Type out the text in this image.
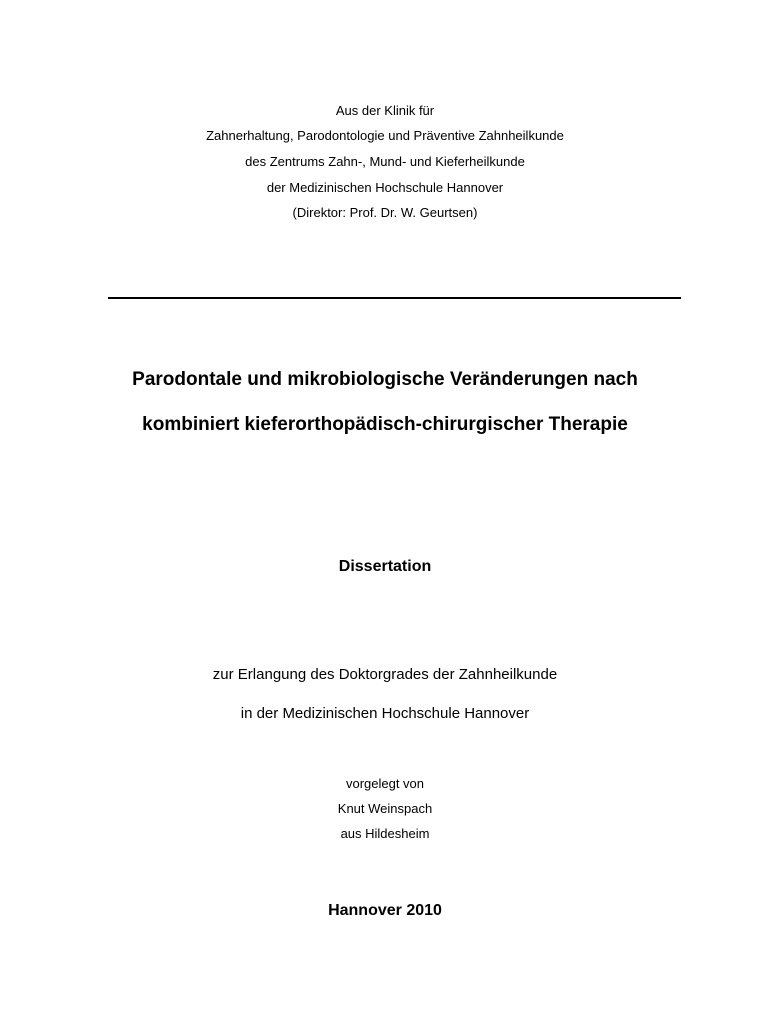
Aus der Klinik für
Zahnerhaltung, Parodontologie und Präventive Zahnheilkunde
des Zentrums Zahn-, Mund- und Kieferheilkunde
der Medizinischen Hochschule Hannover
(Direktor: Prof. Dr. W. Geurtsen)
Parodontale und mikrobiologische Veränderungen nach
kombiniert kieferorthopädisch-chirurgischer Therapie
Dissertation
zur Erlangung des Doktorgrades der Zahnheilkunde
in der Medizinischen Hochschule Hannover
vorgelegt von
Knut Weinspach
aus Hildesheim
Hannover 2010
